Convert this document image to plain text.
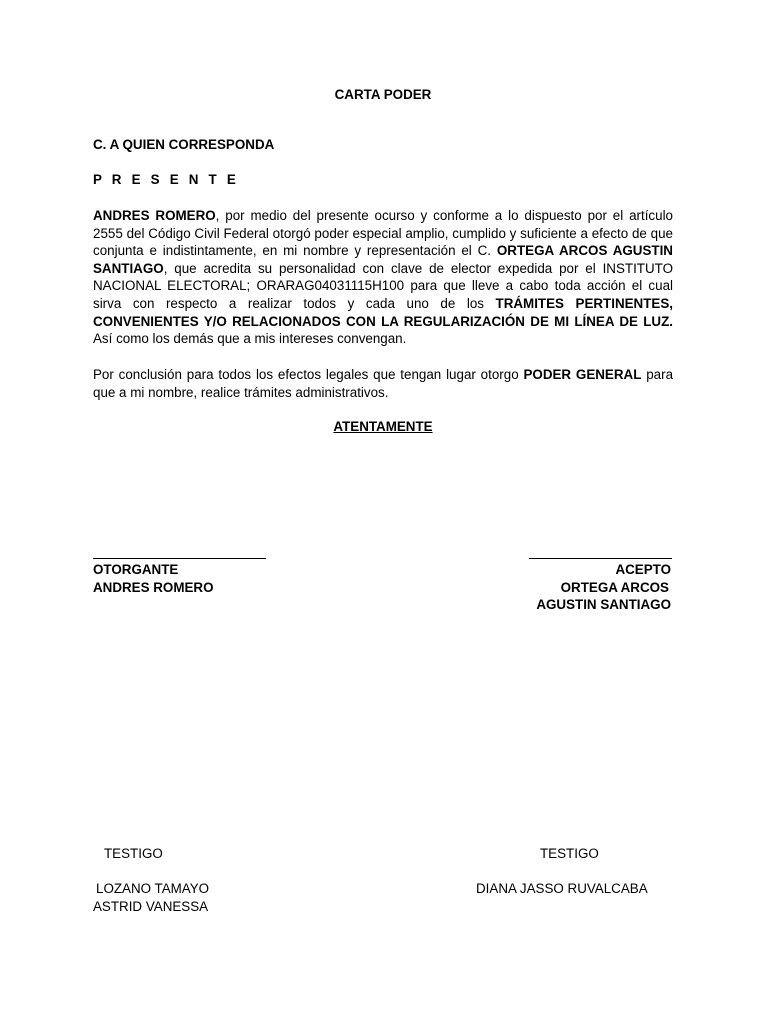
CARTA PODER
C. A QUIEN CORRESPONDA
P R E S E N T E
ANDRES ROMERO, por medio del presente ocurso y conforme a lo dispuesto por el artículo 2555 del Código Civil Federal otorgó poder especial amplio, cumplido y suficiente a efecto de que conjunta e indistintamente, en mi nombre y representación el C. ORTEGA ARCOS AGUSTIN SANTIAGO, que acredita su personalidad con clave de elector expedida por el INSTITUTO NACIONAL ELECTORAL; ORARAG04031115H100 para que lleve a cabo toda acción el cual sirva con respecto a realizar todos y cada uno de los TRÁMITES PERTINENTES, CONVENIENTES Y/O RELACIONADOS CON LA REGULARIZACIÓN DE MI LÍNEA DE LUZ. Así como los demás que a mis intereses convengan.
Por conclusión para todos los efectos legales que tengan lugar otorgo PODER GENERAL para que a mi nombre, realice trámites administrativos.
ATENTAMENTE
OTORGANTE
ANDRES ROMERO
ACEPTO
ORTEGA ARCOS
AGUSTIN SANTIAGO
TESTIGO	TESTIGO
LOZANO TAMAYO
ASTRID VANESSA
DIANA JASSO RUVALCABA
